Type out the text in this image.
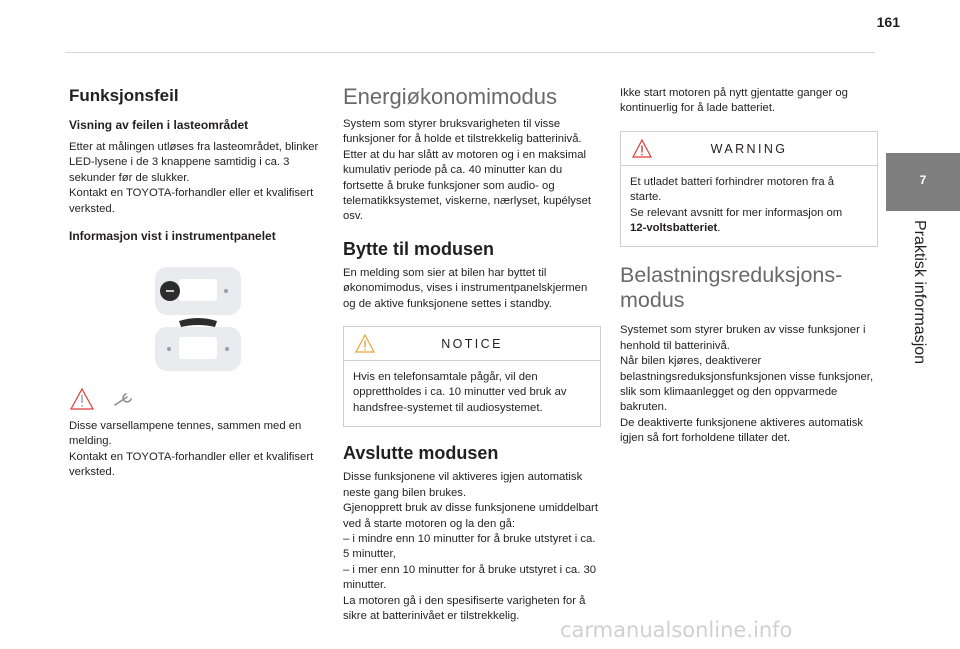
161
7
Praktisk informasjon
Funksjonsfeil
Visning av feilen i lasteområdet
Etter at målingen utløses fra lasteområdet, blinker LED-lysene i de 3 knappene samtidig i ca. 3 sekunder før de slukker.
Kontakt en TOYOTA-forhandler eller et kvalifisert verksted.
Informasjon vist i instrumentpanelet
Disse varsellampene tennes, sammen med en melding.
Kontakt en TOYOTA-forhandler eller et kvalifisert verksted.
Energiøkonomimodus
System som styrer bruksvarigheten til visse funksjoner for å holde et tilstrekkelig batterinivå.
Etter at du har slått av motoren og i en maksimal kumulativ periode på ca. 40 minutter kan du fortsette å bruke funksjoner som audio- og telematikksystemet, viskerne, nærlyset, kupélyset osv.
Bytte til modusen
En melding som sier at bilen har byttet til økonomimodus, vises i instrumentpanelskjermen og de aktive funksjonene settes i standby.
NOTICE
Hvis en telefonsamtale pågår, vil den opprettholdes i ca. 10 minutter ved bruk av handsfree-systemet til audiosystemet.
Avslutte modusen
Disse funksjonene vil aktiveres igjen automatisk neste gang bilen brukes.
Gjenopprett bruk av disse funksjonene umiddelbart ved å starte motoren og la den gå:
– i mindre enn 10 minutter for å bruke utstyret i ca. 5 minutter,
– i mer enn 10 minutter for å bruke utstyret i ca. 30 minutter.
La motoren gå i den spesifiserte varigheten for å sikre at batterinivået er tilstrekkelig.
Ikke start motoren på nytt gjentatte ganger og kontinuerlig for å lade batteriet.
WARNING
Et utladet batteri forhindrer motoren fra å starte.
Se relevant avsnitt for mer informasjon om
12-voltsbatteriet.
Belastningsreduksjons-
modus
Systemet som styrer bruken av visse funksjoner i henhold til batterinivå.
Når bilen kjøres, deaktiverer belastningsreduksjonsfunksjonen visse funksjoner, slik som klimaanlegget og den oppvarmede bakruten.
De deaktiverte funksjonene aktiveres automatisk igjen så fort forholdene tillater det.
carmanualsonline.info
